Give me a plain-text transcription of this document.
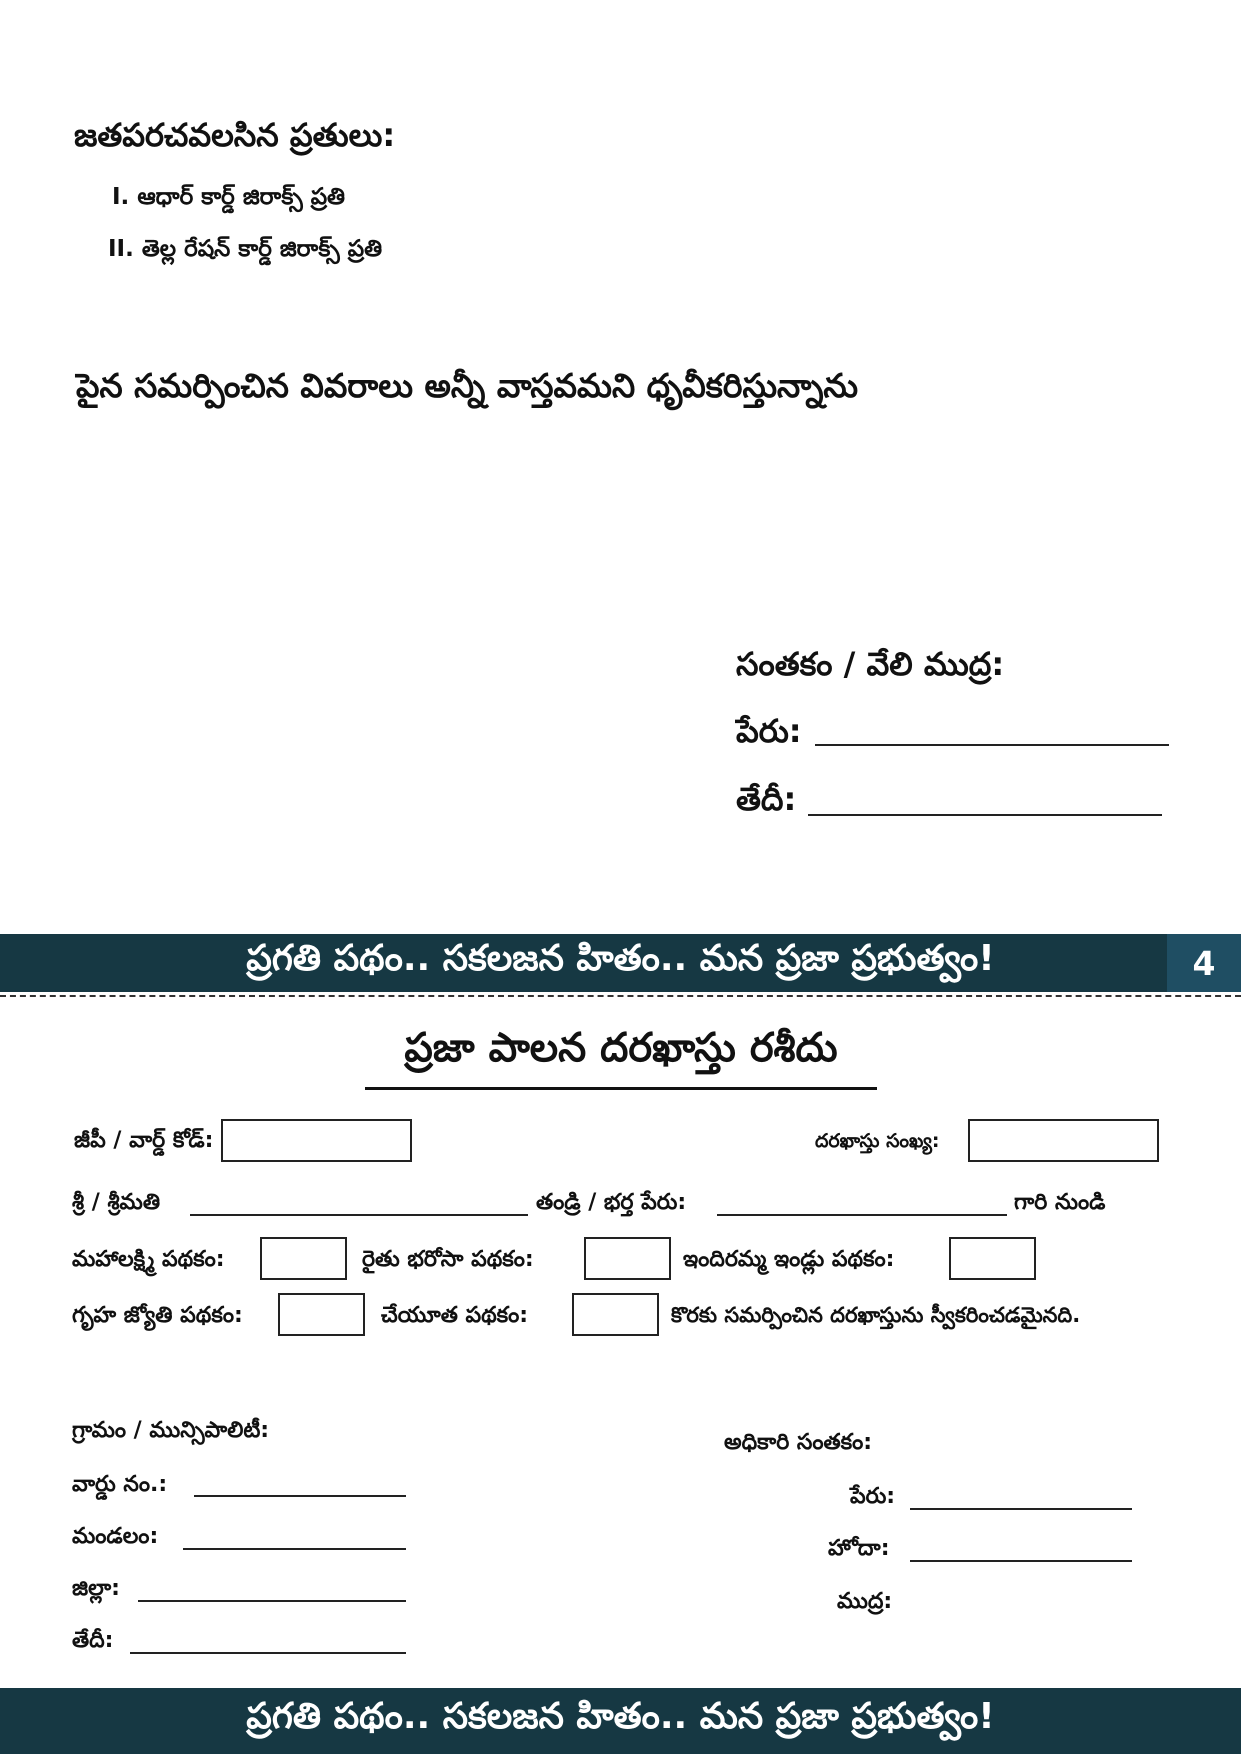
జతపరచవలసిన ప్రతులు:
I. ఆధార్ కార్డ్ జిరాక్స్ ప్రతి
II. తెల్ల రేషన్ కార్డ్ జిరాక్స్ ప్రతి
పైన సమర్పించిన వివరాలు అన్నీ వాస్తవమని ధృవీకరిస్తున్నాను
సంతకం / వేలి ముద్ర:
పేరు:
తేదీ:
ప్రగతి పథం.. సకలజన హితం.. మన ప్రజా ప్రభుత్వం!	4
ప్రజా పాలన దరఖాస్తు రశీదు
జీపీ / వార్డ్ కోడ్:	దరఖాస్తు సంఖ్య:
శ్రీ / శ్రీమతి	తండ్రి / భర్త పేరు:	గారి నుండి
మహాలక్ష్మి పథకం:	రైతు భరోసా పథకం:	ఇందిరమ్మ ఇండ్లు పథకం:
గృహ జ్యోతి పథకం:	చేయూత పథకం:	కొరకు సమర్పించిన దరఖాస్తును స్వీకరించడమైనది.
గ్రామం / మున్సిపాలిటీ:
వార్డు నం.:
మండలం:
జిల్లా:
తేదీ:
అధికారి సంతకం:
పేరు:
హోదా:
ముద్ర:
ప్రగతి పథం.. సకలజన హితం.. మన ప్రజా ప్రభుత్వం!
